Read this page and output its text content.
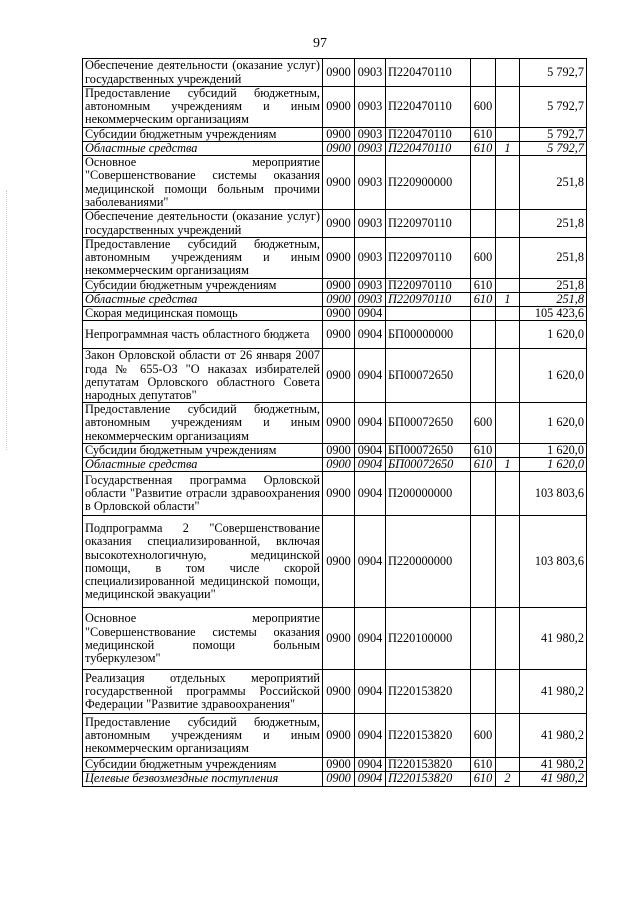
97
Обеспечение деятельности (оказание услуг) государственных учреждений	0900	0903	П220470110			5 792,7
Предоставление субсидий бюджетным, автономным учреждениям и иным некоммерческим организациям	0900	0903	П220470110	600		5 792,7
Субсидии бюджетным учреждениям	0900	0903	П220470110	610		5 792,7
Областные средства	0900	0903	П220470110	610	1	5 792,7
Основное мероприятие "Совершенствование системы оказания медицинской помощи больным прочими заболеваниями"	0900	0903	П220900000			251,8
Обеспечение деятельности (оказание услуг) государственных учреждений	0900	0903	П220970110			251,8
Предоставление субсидий бюджетным, автономным учреждениям и иным некоммерческим организациям	0900	0903	П220970110	600		251,8
Субсидии бюджетным учреждениям	0900	0903	П220970110	610		251,8
Областные средства	0900	0903	П220970110	610	1	251,8
Скорая медицинская помощь	0900	0904				105 423,6
Непрограммная часть областного бюджета	0900	0904	БП00000000			1 620,0
Закон Орловской области от 26 января 2007 года № 655-ОЗ "О наказах избирателей депутатам Орловского областного Совета народных депутатов"	0900	0904	БП00072650			1 620,0
Предоставление субсидий бюджетным, автономным учреждениям и иным некоммерческим организациям	0900	0904	БП00072650	600		1 620,0
Субсидии бюджетным учреждениям	0900	0904	БП00072650	610		1 620,0
Областные средства	0900	0904	БП00072650	610	1	1 620,0
Государственная программа Орловской области "Развитие отрасли здравоохранения в Орловской области"	0900	0904	П200000000			103 803,6
Подпрограмма 2 "Совершенствование оказания специализированной, включая высокотехнологичную, медицинской помощи, в том числе скорой специализированной медицинской помощи, медицинской эвакуации"	0900	0904	П220000000			103 803,6
Основное мероприятие "Совершенствование системы оказания медицинской помощи больным туберкулезом"	0900	0904	П220100000			41 980,2
Реализация отдельных мероприятий государственной программы Российской Федерации "Развитие здравоохранения"	0900	0904	П220153820			41 980,2
Предоставление субсидий бюджетным, автономным учреждениям и иным некоммерческим организациям	0900	0904	П220153820	600		41 980,2
Субсидии бюджетным учреждениям	0900	0904	П220153820	610		41 980,2
Целевые безвозмездные поступления	0900	0904	П220153820	610	2	41 980,2
